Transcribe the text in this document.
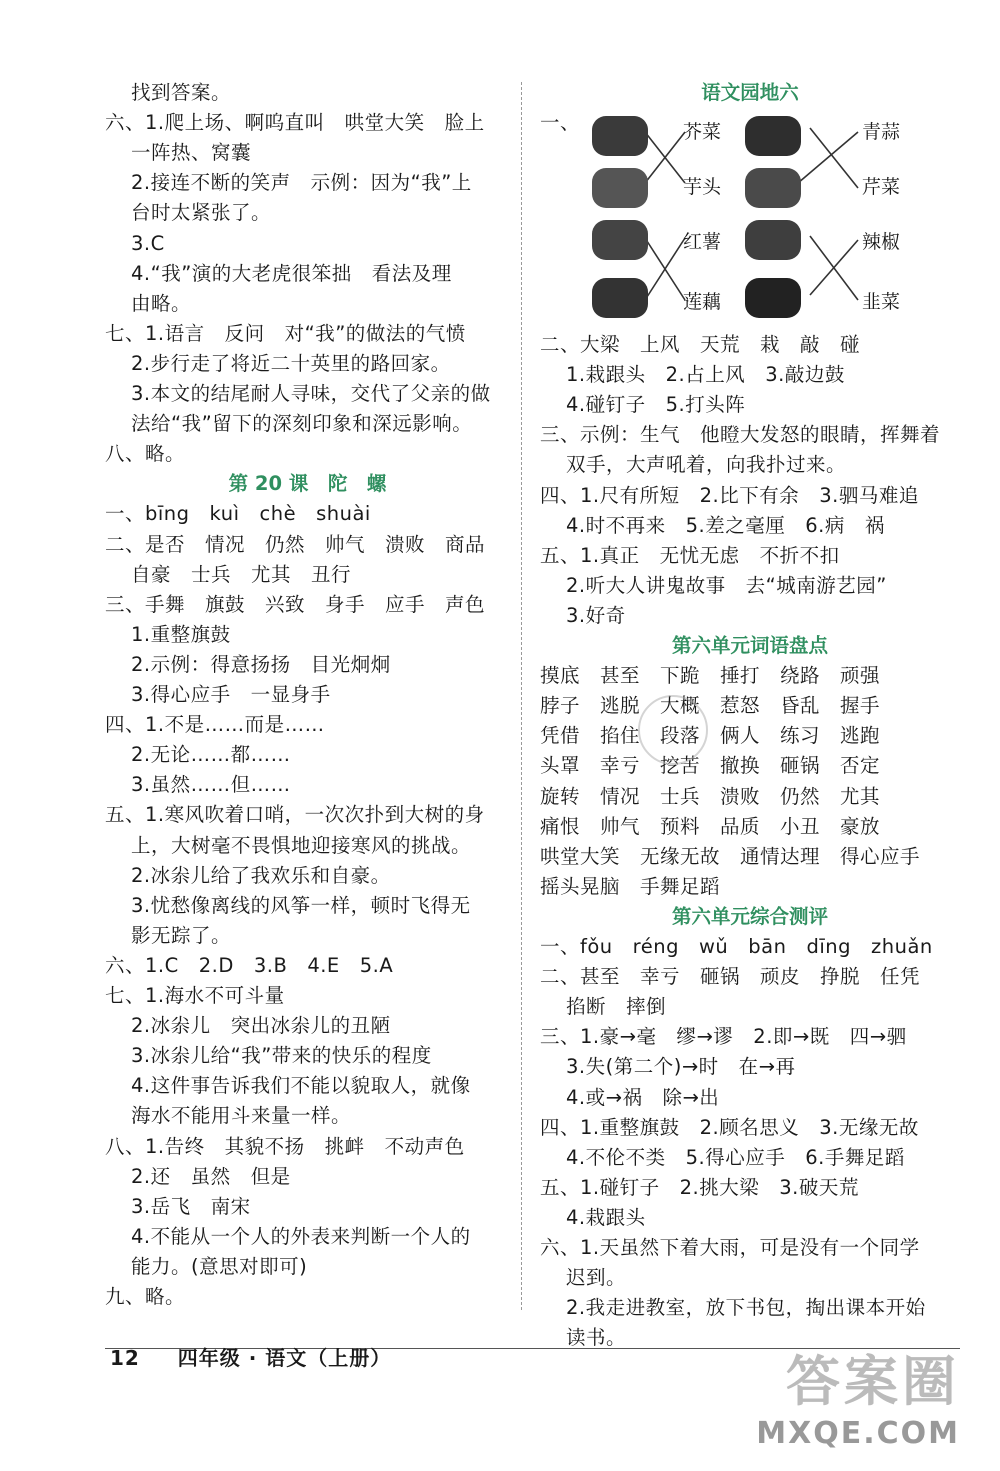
找到答案。
六、1.爬上场、啊呜直叫　哄堂大笑　脸上
一阵热、窝囊
2.接连不断的笑声　示例：因为“我”上
台时太紧张了。
3.C
4.“我”演的大老虎很笨拙　看法及理
由略。
七、1.语言　反问　对“我”的做法的气愤
2.步行走了将近二十英里的路回家。
3.本文的结尾耐人寻味，交代了父亲的做
法给“我”留下的深刻印象和深远影响。
八、略。
第 20 课　陀　螺
一、bīng　kuì　chè　shuài
二、是否　情况　仍然　帅气　溃败　商品
自豪　士兵　尤其　丑行
三、手舞　旗鼓　兴致　身手　应手　声色
1.重整旗鼓
2.示例：得意扬扬　目光炯炯
3.得心应手　一显身手
四、1.不是……而是……
2.无论……都……
3.虽然……但……
五、1.寒风吹着口哨，一次次扑到大树的身
上，大树毫不畏惧地迎接寒风的挑战。
2.冰尜儿给了我欢乐和自豪。
3.忧愁像离线的风筝一样，顿时飞得无
影无踪了。
六、1.C　2.D　3.B　4.E　5.A
七、1.海水不可斗量
2.冰尜儿　突出冰尜儿的丑陋
3.冰尜儿给“我”带来的快乐的程度
4.这件事告诉我们不能以貌取人，就像
海水不能用斗来量一样。
八、1.告终　其貌不扬　挑衅　不动声色
2.还　虽然　但是
3.岳飞　南宋
4.不能从一个人的外表来判断一个人的
能力。(意思对即可)
九、略。
语文园地六
一、	芥菜
芋头
红薯
莲藕
青蒜
芹菜
辣椒
韭菜
二、大梁　上风　天荒　栽　敲　碰
1.栽跟头　2.占上风　3.敲边鼓
4.碰钉子　5.打头阵
三、示例：生气　他瞪大发怒的眼睛，挥舞着
双手，大声吼着，向我扑过来。
四、1.尺有所短　2.比下有余　3.驷马难追
4.时不再来　5.差之毫厘　6.病　祸
五、1.真正　无忧无虑　不折不扣
2.听大人讲鬼故事　去“城南游艺园”
3.好奇
第六单元词语盘点
摸底　甚至　下跪　捶打　绕路　顽强
脖子　逃脱　大概　惹怒　昏乱　握手
凭借　掐住　段落　俩人　练习　逃跑
头罩　幸亏　挖苦　撤换　砸锅　否定
旋转　情况　士兵　溃败　仍然　尤其
痛恨　帅气　预料　品质　小丑　豪放
哄堂大笑　无缘无故　通情达理　得心应手
摇头晃脑　手舞足蹈
第六单元综合测评
一、fǒu　réng　wǔ　bān　dīng　zhuǎn
二、甚至　幸亏　砸锅　顽皮　挣脱　任凭
掐断　摔倒
三、1.豪→毫　缪→谬　2.即→既　四→驷
3.失(第二个)→时　在→再
4.或→祸　除→出
四、1.重整旗鼓　2.顾名思义　3.无缘无故
4.不伦不类　5.得心应手　6.手舞足蹈
五、1.碰钉子　2.挑大梁　3.破天荒
4.栽跟头
六、1.天虽然下着大雨，可是没有一个同学
迟到。
2.我走进教室，放下书包，掏出课本开始
读书。
12 四年级 · 语文（上册）	答案圈
MXQE.COM
